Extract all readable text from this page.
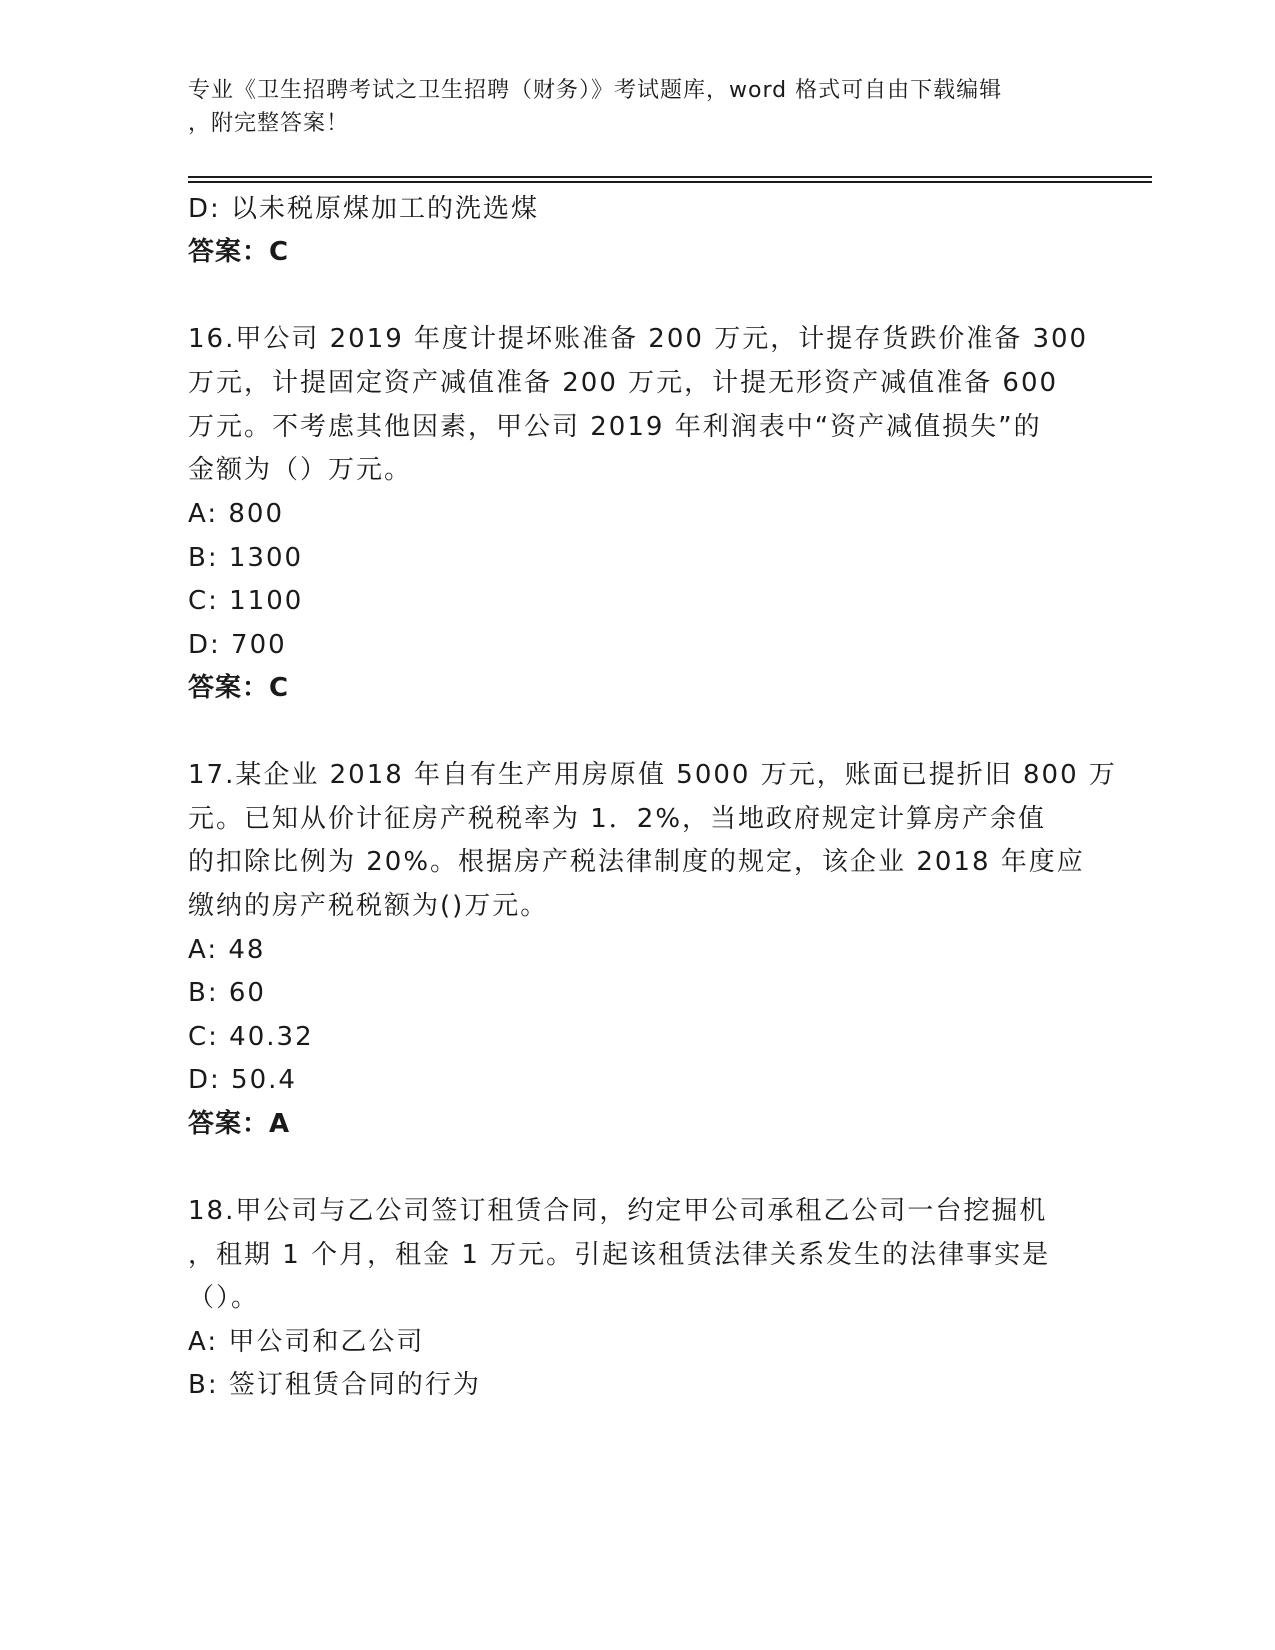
专业《卫生招聘考试之卫生招聘（财务）》考试题库，word 格式可自由下载编辑
，附完整答案！
D: 以未税原煤加工的洗选煤
答案：C
16.甲公司 2019 年度计提坏账准备 200 万元，计提存货跌价准备 300
万元，计提固定资产减值准备 200 万元，计提无形资产减值准备 600
万元。不考虑其他因素，甲公司 2019 年利润表中“资产减值损失”的
金额为（）万元。
A: 800
B: 1300
C: 1100
D: 700
答案：C
17.某企业 2018 年自有生产用房原值 5000 万元，账面已提折旧 800 万
元。已知从价计征房产税税率为 1．2%，当地政府规定计算房产余值
的扣除比例为 20%。根据房产税法律制度的规定，该企业 2018 年度应
缴纳的房产税税额为()万元。
A: 48
B: 60
C: 40.32
D: 50.4
答案：A
18.甲公司与乙公司签订租赁合同，约定甲公司承租乙公司一台挖掘机
，租期 1 个月，租金 1 万元。引起该租赁法律关系发生的法律事实是
（）。
A: 甲公司和乙公司
B: 签订租赁合同的行为
